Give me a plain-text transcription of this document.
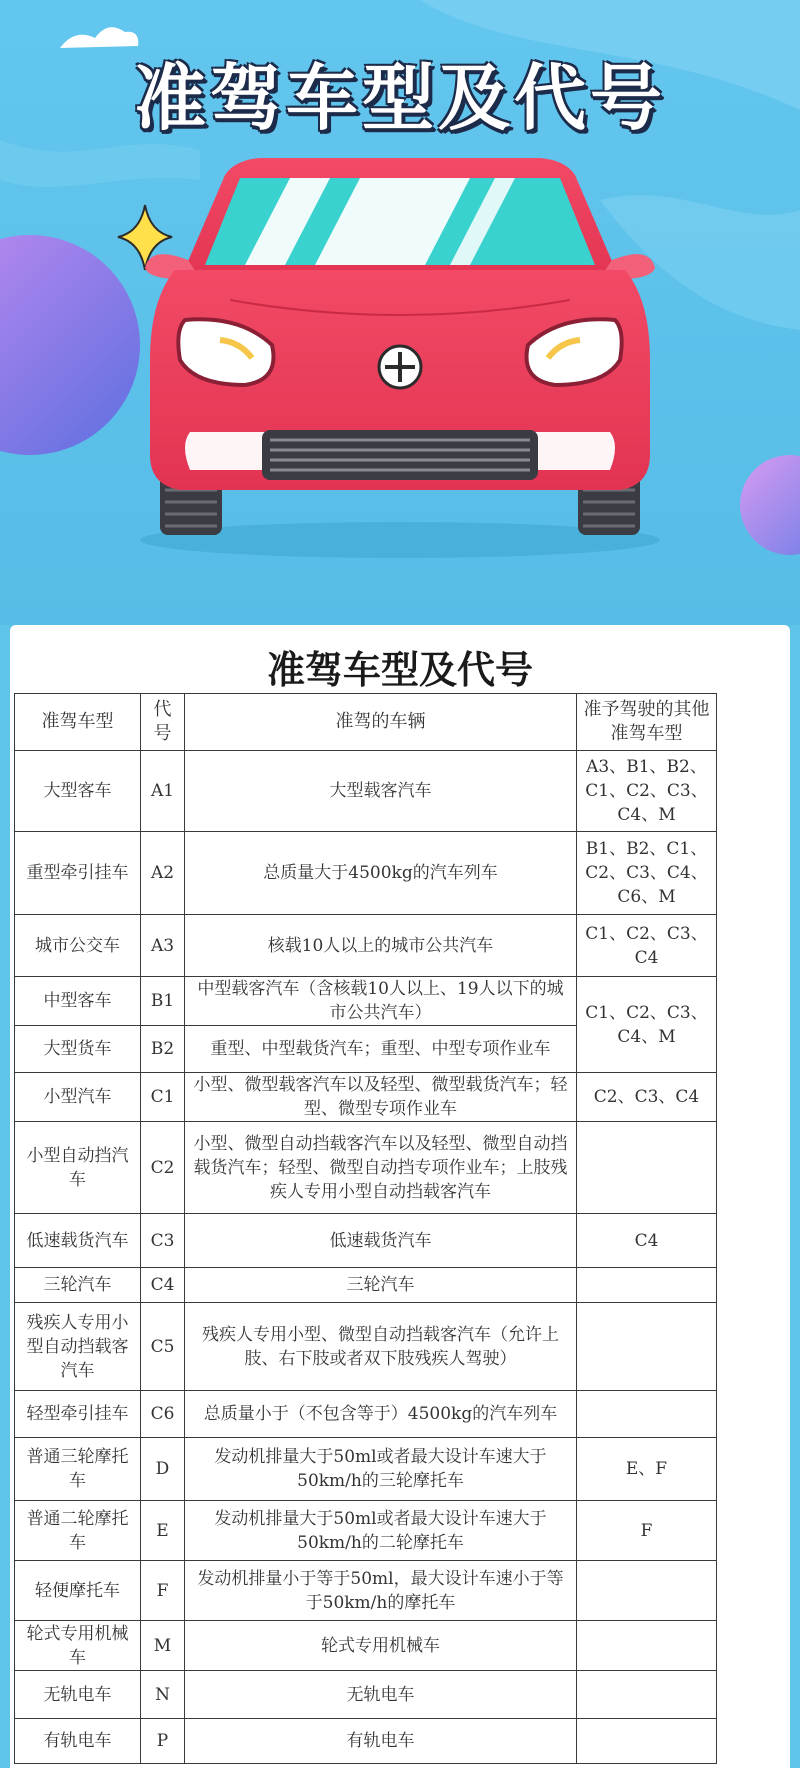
准驾车型及代号
准驾车型及代号
准驾车型	代号	准驾的车辆	准予驾驶的其他准驾车型
大型客车	A1	大型载客汽车	A3、B1、B2、C1、C2、C3、C4、M
重型牵引挂车	A2	总质量大于4500kg的汽车列车	B1、B2、C1、C2、C3、C4、C6、M
城市公交车	A3	核载10人以上的城市公共汽车	C1、C2、C3、C4
中型客车	B1	中型载客汽车（含核载10人以上、19人以下的城市公共汽车）	C1、C2、C3、C4、M
大型货车	B2	重型、中型载货汽车；重型、中型专项作业车	
小型汽车	C1	小型、微型载客汽车以及轻型、微型载货汽车；轻型、微型专项作业车	C2、C3、C4
小型自动挡汽车	C2	小型、微型自动挡载客汽车以及轻型、微型自动挡载货汽车；轻型、微型自动挡专项作业车；上肢残疾人专用小型自动挡载客汽车	
低速载货汽车	C3	低速载货汽车	C4
三轮汽车	C4	三轮汽车	
残疾人专用小型自动挡载客汽车	C5	残疾人专用小型、微型自动挡载客汽车（允许上肢、右下肢或者双下肢残疾人驾驶）	
轻型牵引挂车	C6	总质量小于（不包含等于）4500kg的汽车列车	
普通三轮摩托车	D	发动机排量大于50ml或者最大设计车速大于50km/h的三轮摩托车	E、F
普通二轮摩托车	E	发动机排量大于50ml或者最大设计车速大于50km/h的二轮摩托车	F
轻便摩托车	F	发动机排量小于等于50ml，最大设计车速小于等于50km/h的摩托车	
轮式专用机械车	M	轮式专用机械车	
无轨电车	N	无轨电车	
有轨电车	P	有轨电车	
